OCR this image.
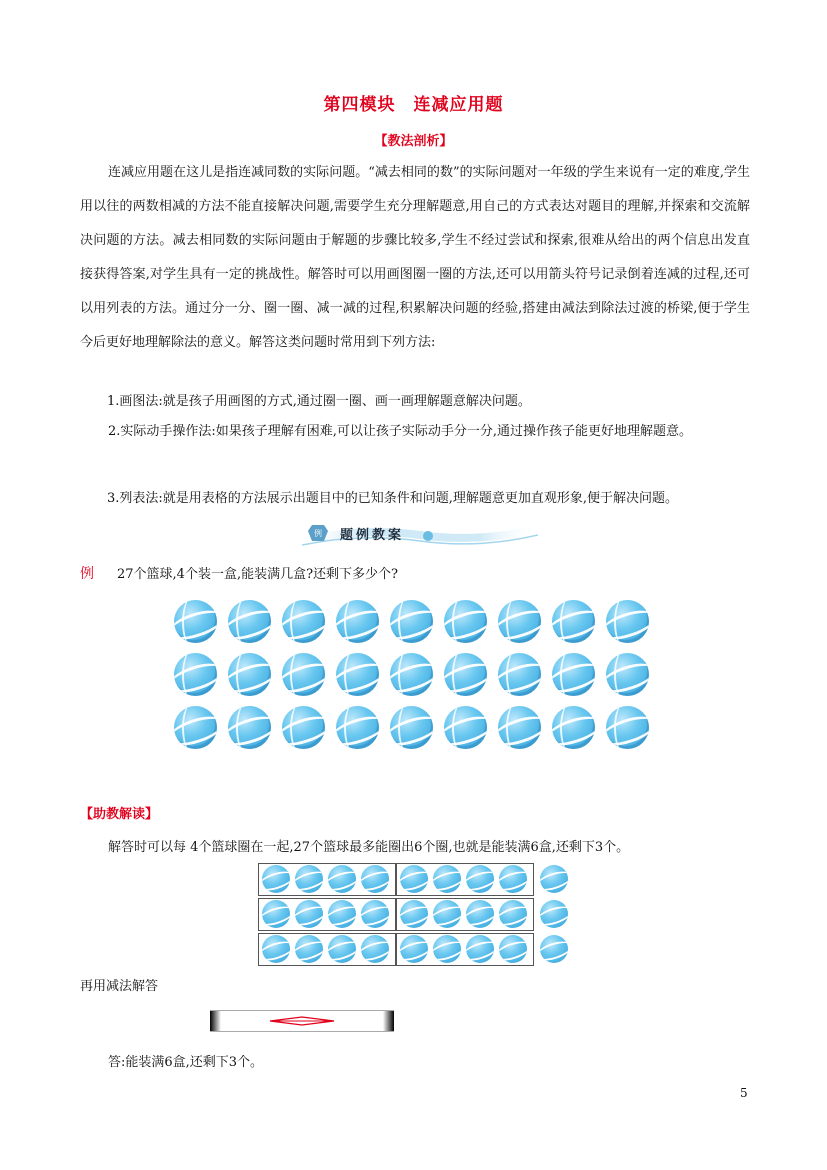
第四模块　连减应用题
【教法剖析】
连减应用题在这儿是指连减同数的实际问题。“减去相同的数”的实际问题对一年级的学生来说有一定的难度,学生用以往的两数相减的方法不能直接解决问题,需要学生充分理解题意,用自己的方式表达对题目的理解,并探索和交流解决问题的方法。减去相同数的实际问题由于解题的步骤比较多,学生不经过尝试和探索,很难从给出的两个信息出发直接获得答案,对学生具有一定的挑战性。解答时可以用画图圈一圈的方法,还可以用箭头符号记录倒着连减的过程,还可以用列表的方法。通过分一分、圈一圈、减一减的过程,积累解决问题的经验,搭建由减法到除法过渡的桥梁,便于学生今后更好地理解除法的意义。解答这类问题时常用到下列方法:
1.画图法:就是孩子用画图的方式,通过圈一圈、画一画理解题意解决问题。
2.实际动手操作法:如果孩子理解有困难,可以让孩子实际动手分一分,通过操作孩子能更好地理解题意。
3.列表法:就是用表格的方法展示出题目中的已知条件和问题,理解题意更加直观形象,便于解决问题。
例 题例教案
例 27个篮球,4个装一盒,能装满几盒?还剩下多少个?
【助教解读】
解答时可以每 4个篮球圈在一起,27个篮球最多能圈出6个圈,也就是能装满6盒,还剩下3个。
再用减法解答
答:能装满6盒,还剩下3个。
5
